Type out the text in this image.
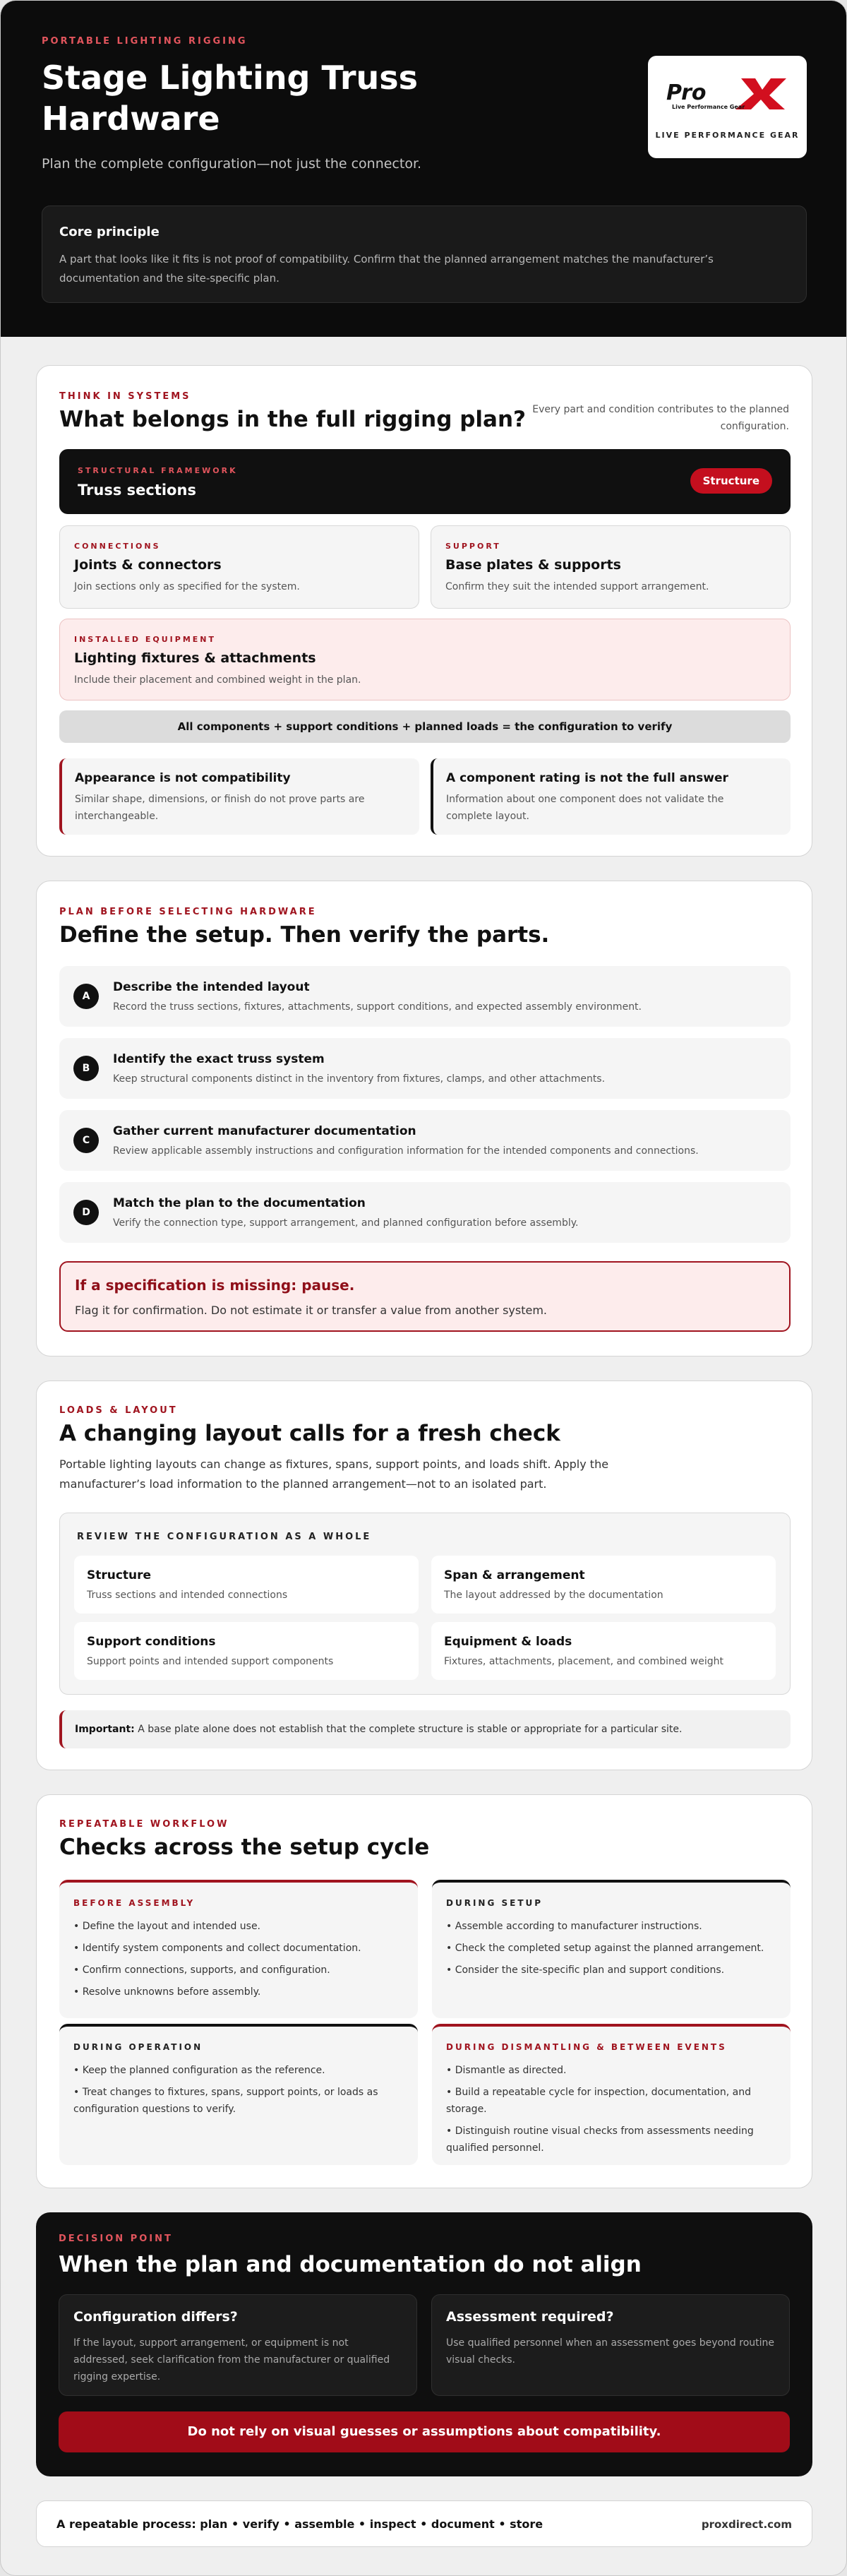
PORTABLE LIGHTING RIGGING
Stage Lighting Truss Hardware
Plan the complete configuration—not just the connector.
Pro
Live Performance Gear
LIVE PERFORMANCE GEAR
Core principle
A part that looks like it fits is not proof of compatibility. Confirm that the planned arrangement matches the manufacturer’s documentation and the site-specific plan.
THINK IN SYSTEMS
What belongs in the full rigging plan? Every part and condition contributes to the planned configuration.
STRUCTURAL FRAMEWORK
Truss sections
Structure
CONNECTIONS
Joints & connectors
Join sections only as specified for the system.
SUPPORT
Base plates & supports
Confirm they suit the intended support arrangement.
INSTALLED EQUIPMENT
Lighting fixtures & attachments
Include their placement and combined weight in the plan.
All components + support conditions + planned loads = the configuration to verify
Appearance is not compatibility
Similar shape, dimensions, or finish do not prove parts are interchangeable.
A component rating is not the full answer
Information about one component does not validate the complete layout.
PLAN BEFORE SELECTING HARDWARE
Define the setup. Then verify the parts.
A
Describe the intended layout
Record the truss sections, fixtures, attachments, support conditions, and expected assembly environment.
B
Identify the exact truss system
Keep structural components distinct in the inventory from fixtures, clamps, and other attachments.
C
Gather current manufacturer documentation
Review applicable assembly instructions and configuration information for the intended components and connections.
D
Match the plan to the documentation
Verify the connection type, support arrangement, and planned configuration before assembly.
If a specification is missing: pause.
Flag it for confirmation. Do not estimate it or transfer a value from another system.
LOADS & LAYOUT
A changing layout calls for a fresh check
Portable lighting layouts can change as fixtures, spans, support points, and loads shift. Apply the manufacturer’s load information to the planned arrangement—not to an isolated part.
REVIEW THE CONFIGURATION AS A WHOLE
Structure
Truss sections and intended connections
Span & arrangement
The layout addressed by the documentation
Support conditions
Support points and intended support components
Equipment & loads
Fixtures, attachments, placement, and combined weight
Important: A base plate alone does not establish that the complete structure is stable or appropriate for a particular site.
REPEATABLE WORKFLOW
Checks across the setup cycle
BEFORE ASSEMBLY
• Define the layout and intended use.
• Identify system components and collect documentation.
• Confirm connections, supports, and configuration.
• Resolve unknowns before assembly.
DURING SETUP
• Assemble according to manufacturer instructions.
• Check the completed setup against the planned arrangement.
• Consider the site-specific plan and support conditions.
DURING OPERATION
• Keep the planned configuration as the reference.
• Treat changes to fixtures, spans, support points, or loads as configuration questions to verify.
DURING DISMANTLING & BETWEEN EVENTS
• Dismantle as directed.
• Build a repeatable cycle for inspection, documentation, and storage.
• Distinguish routine visual checks from assessments needing qualified personnel.
DECISION POINT
When the plan and documentation do not align
Configuration differs?
If the layout, support arrangement, or equipment is not addressed, seek clarification from the manufacturer or qualified rigging expertise.
Assessment required?
Use qualified personnel when an assessment goes beyond routine visual checks.
Do not rely on visual guesses or assumptions about compatibility.
A repeatable process: plan • verify • assemble • inspect • document • store	proxdirect.com
